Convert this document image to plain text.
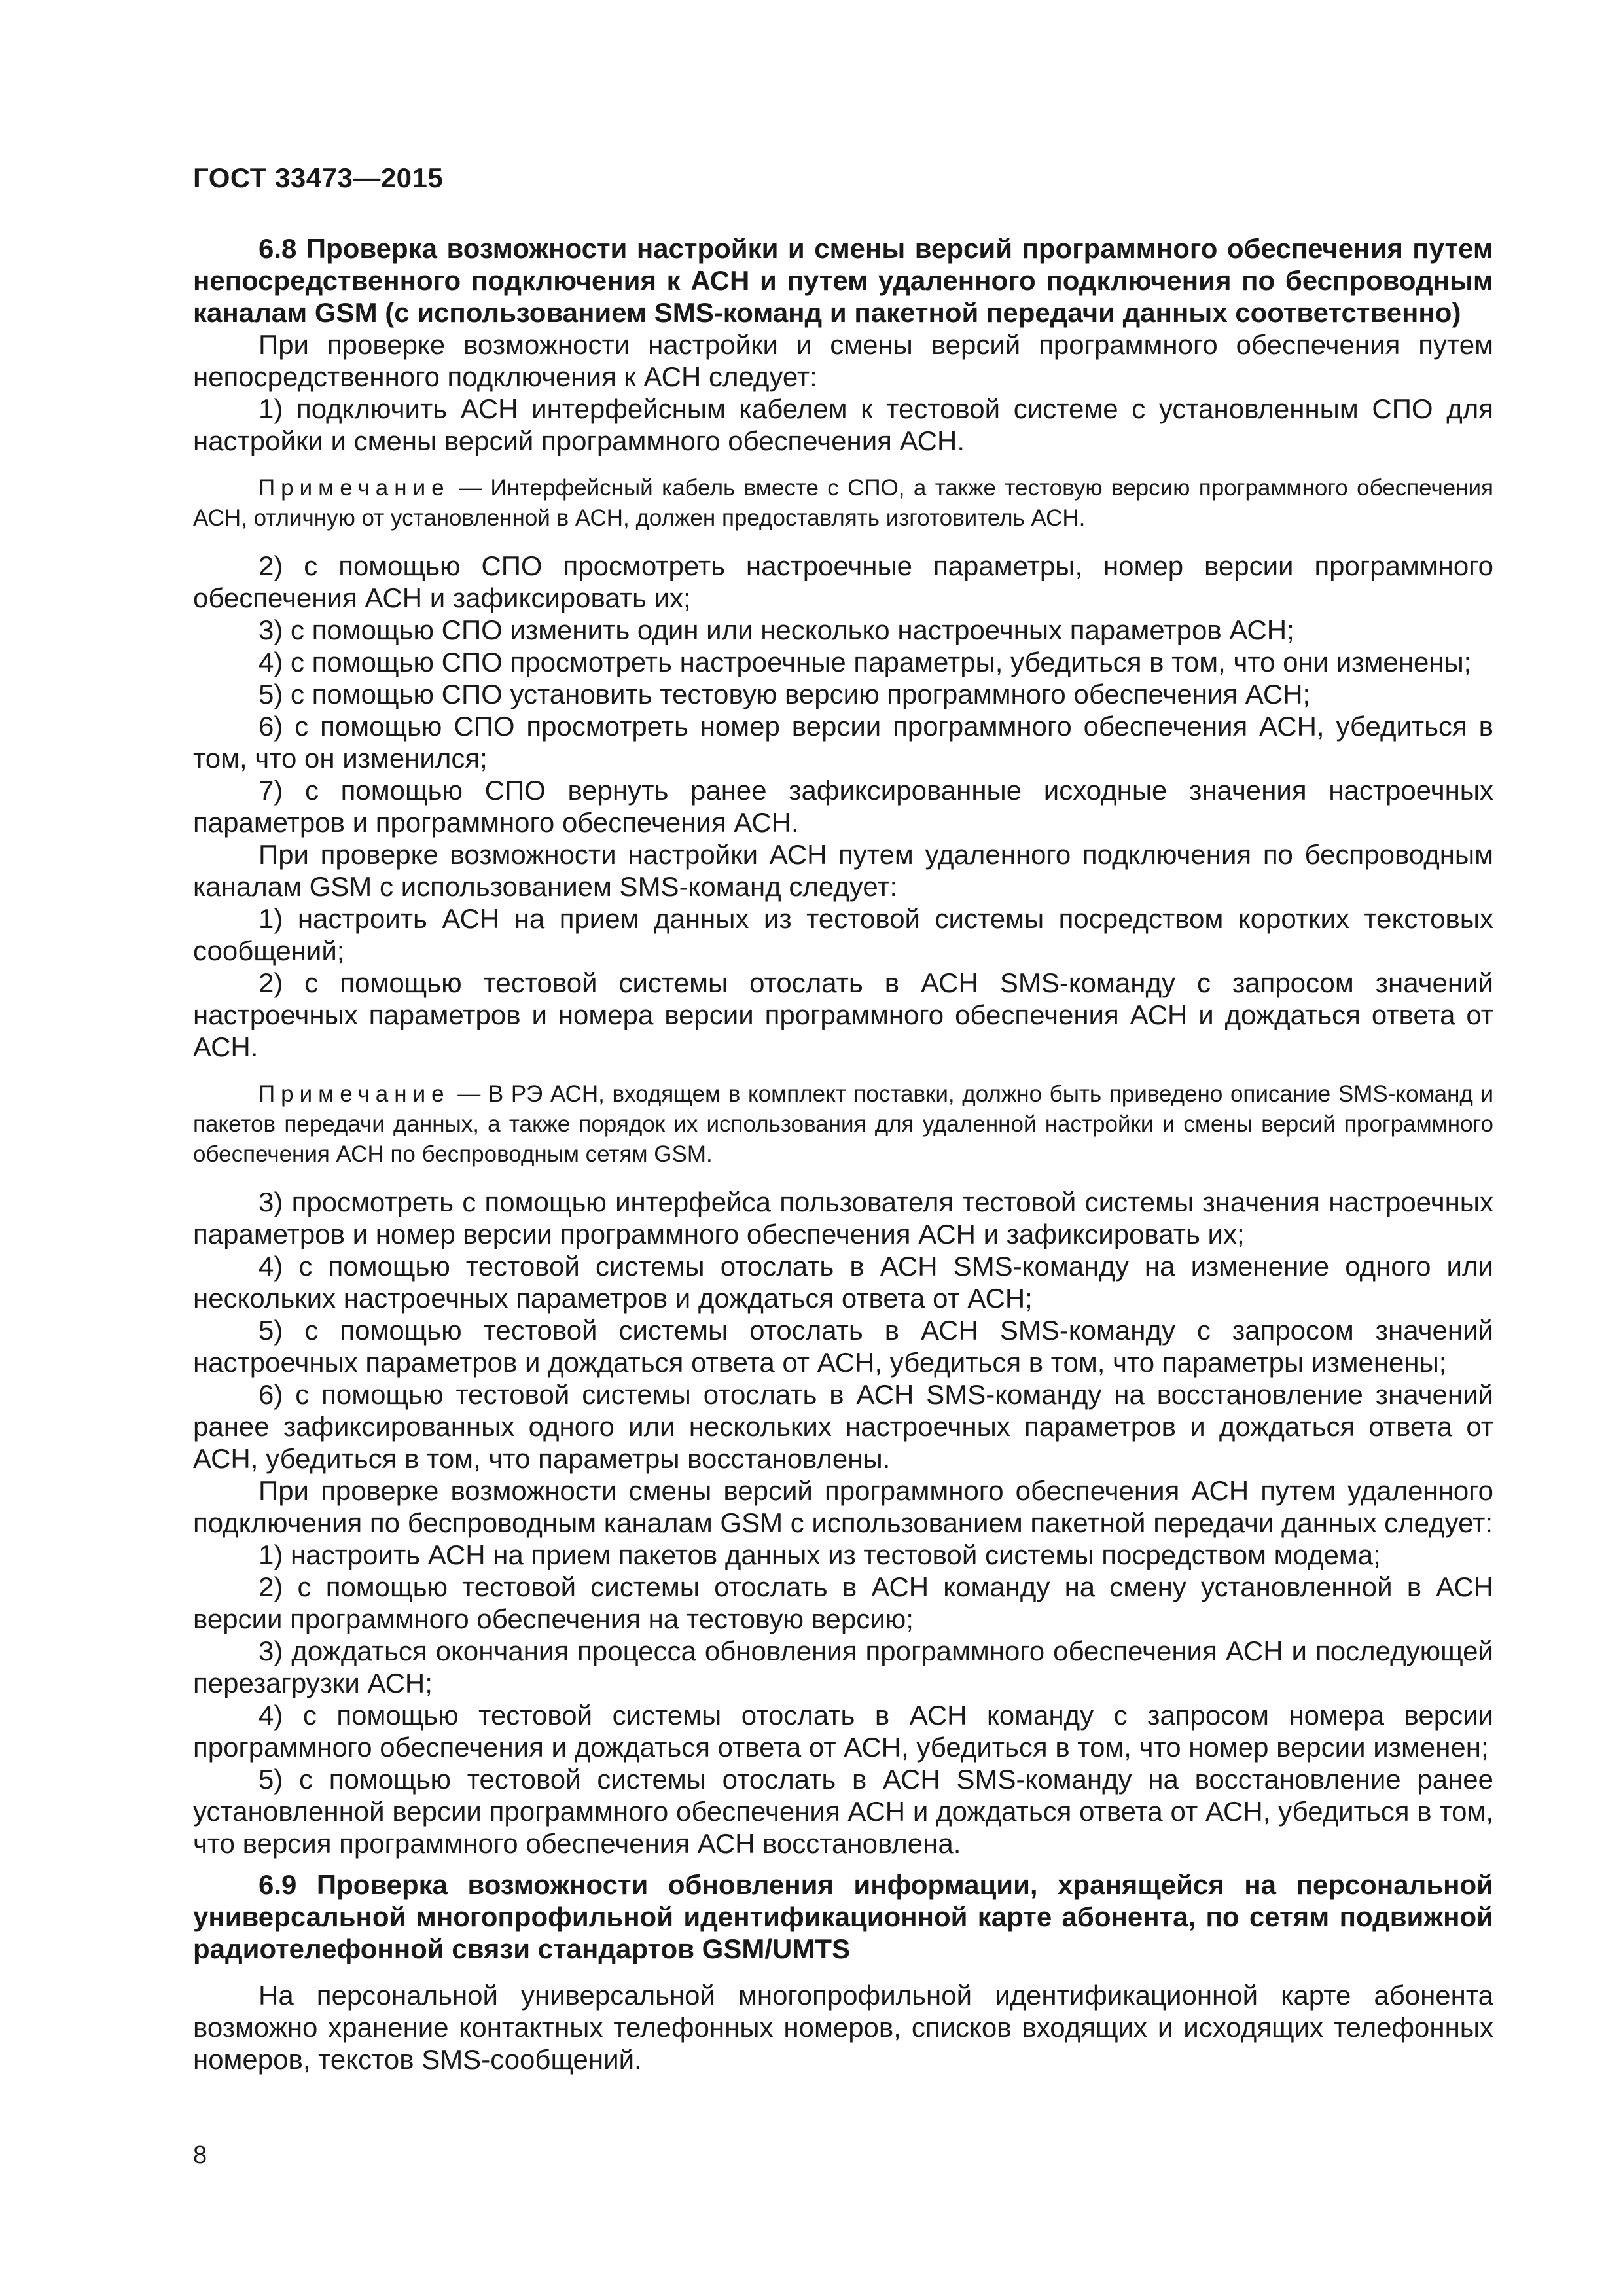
ГОСТ 33473—2015

6.8 Проверка возможности настройки и смены версий программного обеспечения путем непосредственного подключения к АСН и путем удаленного подключения по беспроводным каналам GSM (с использованием SMS-команд и пакетной передачи данных соответственно)

При проверке возможности настройки и смены версий программного обеспечения путем непосредственного подключения к АСН следует:

1) подключить АСН интерфейсным кабелем к тестовой системе с установленным СПО для настройки и смены версий программного обеспечения АСН.

Примечание — Интерфейсный кабель вместе с СПО, а также тестовую версию программного обеспечения АСН, отличную от установленной в АСН, должен предоставлять изготовитель АСН.

2) с помощью СПО просмотреть настроечные параметры, номер версии программного обеспечения АСН и зафиксировать их;

3) с помощью СПО изменить один или несколько настроечных параметров АСН;

4) с помощью СПО просмотреть настроечные параметры, убедиться в том, что они изменены;

5) с помощью СПО установить тестовую версию программного обеспечения АСН;

6) с помощью СПО просмотреть номер версии программного обеспечения АСН, убедиться в том, что он изменился;

7) с помощью СПО вернуть ранее зафиксированные исходные значения настроечных параметров и программного обеспечения АСН.

При проверке возможности настройки АСН путем удаленного подключения по беспроводным каналам GSM с использованием SMS-команд следует:

1) настроить АСН на прием данных из тестовой системы посредством коротких текстовых сообщений;

2) с помощью тестовой системы отослать в АСН SMS-команду с запросом значений настроечных параметров и номера версии программного обеспечения АСН и дождаться ответа от АСН.

Примечание — В РЭ АСН, входящем в комплект поставки, должно быть приведено описание SMS-команд и пакетов передачи данных, а также порядок их использования для удаленной настройки и смены версий программного обеспечения АСН по беспроводным сетям GSM.

3) просмотреть с помощью интерфейса пользователя тестовой системы значения настроечных параметров и номер версии программного обеспечения АСН и зафиксировать их;

4) с помощью тестовой системы отослать в АСН SMS-команду на изменение одного или нескольких настроечных параметров и дождаться ответа от АСН;

5) с помощью тестовой системы отослать в АСН SMS-команду с запросом значений настроечных параметров и дождаться ответа от АСН, убедиться в том, что параметры изменены;

6) с помощью тестовой системы отослать в АСН SMS-команду на восстановление значений ранее зафиксированных одного или нескольких настроечных параметров и дождаться ответа от АСН, убедиться в том, что параметры восстановлены.

При проверке возможности смены версий программного обеспечения АСН путем удаленного подключения по беспроводным каналам GSM с использованием пакетной передачи данных следует:

1) настроить АСН на прием пакетов данных из тестовой системы посредством модема;

2) с помощью тестовой системы отослать в АСН команду на смену установленной в АСН версии программного обеспечения на тестовую версию;

3) дождаться окончания процесса обновления программного обеспечения АСН и последующей перезагрузки АСН;

4) с помощью тестовой системы отослать в АСН команду с запросом номера версии программного обеспечения и дождаться ответа от АСН, убедиться в том, что номер версии изменен;

5) с помощью тестовой системы отослать в АСН SMS-команду на восстановление ранее установленной версии программного обеспечения АСН и дождаться ответа от АСН, убедиться в том, что версия программного обеспечения АСН восстановлена.

6.9 Проверка возможности обновления информации, хранящейся на персональной универсальной многопрофильной идентификационной карте абонента, по сетям подвижной радиотелефонной связи стандартов GSM/UMTS

На персональной универсальной многопрофильной идентификационной карте абонента возможно хранение контактных телефонных номеров, списков входящих и исходящих телефонных номеров, текстов SMS-сообщений.

8
